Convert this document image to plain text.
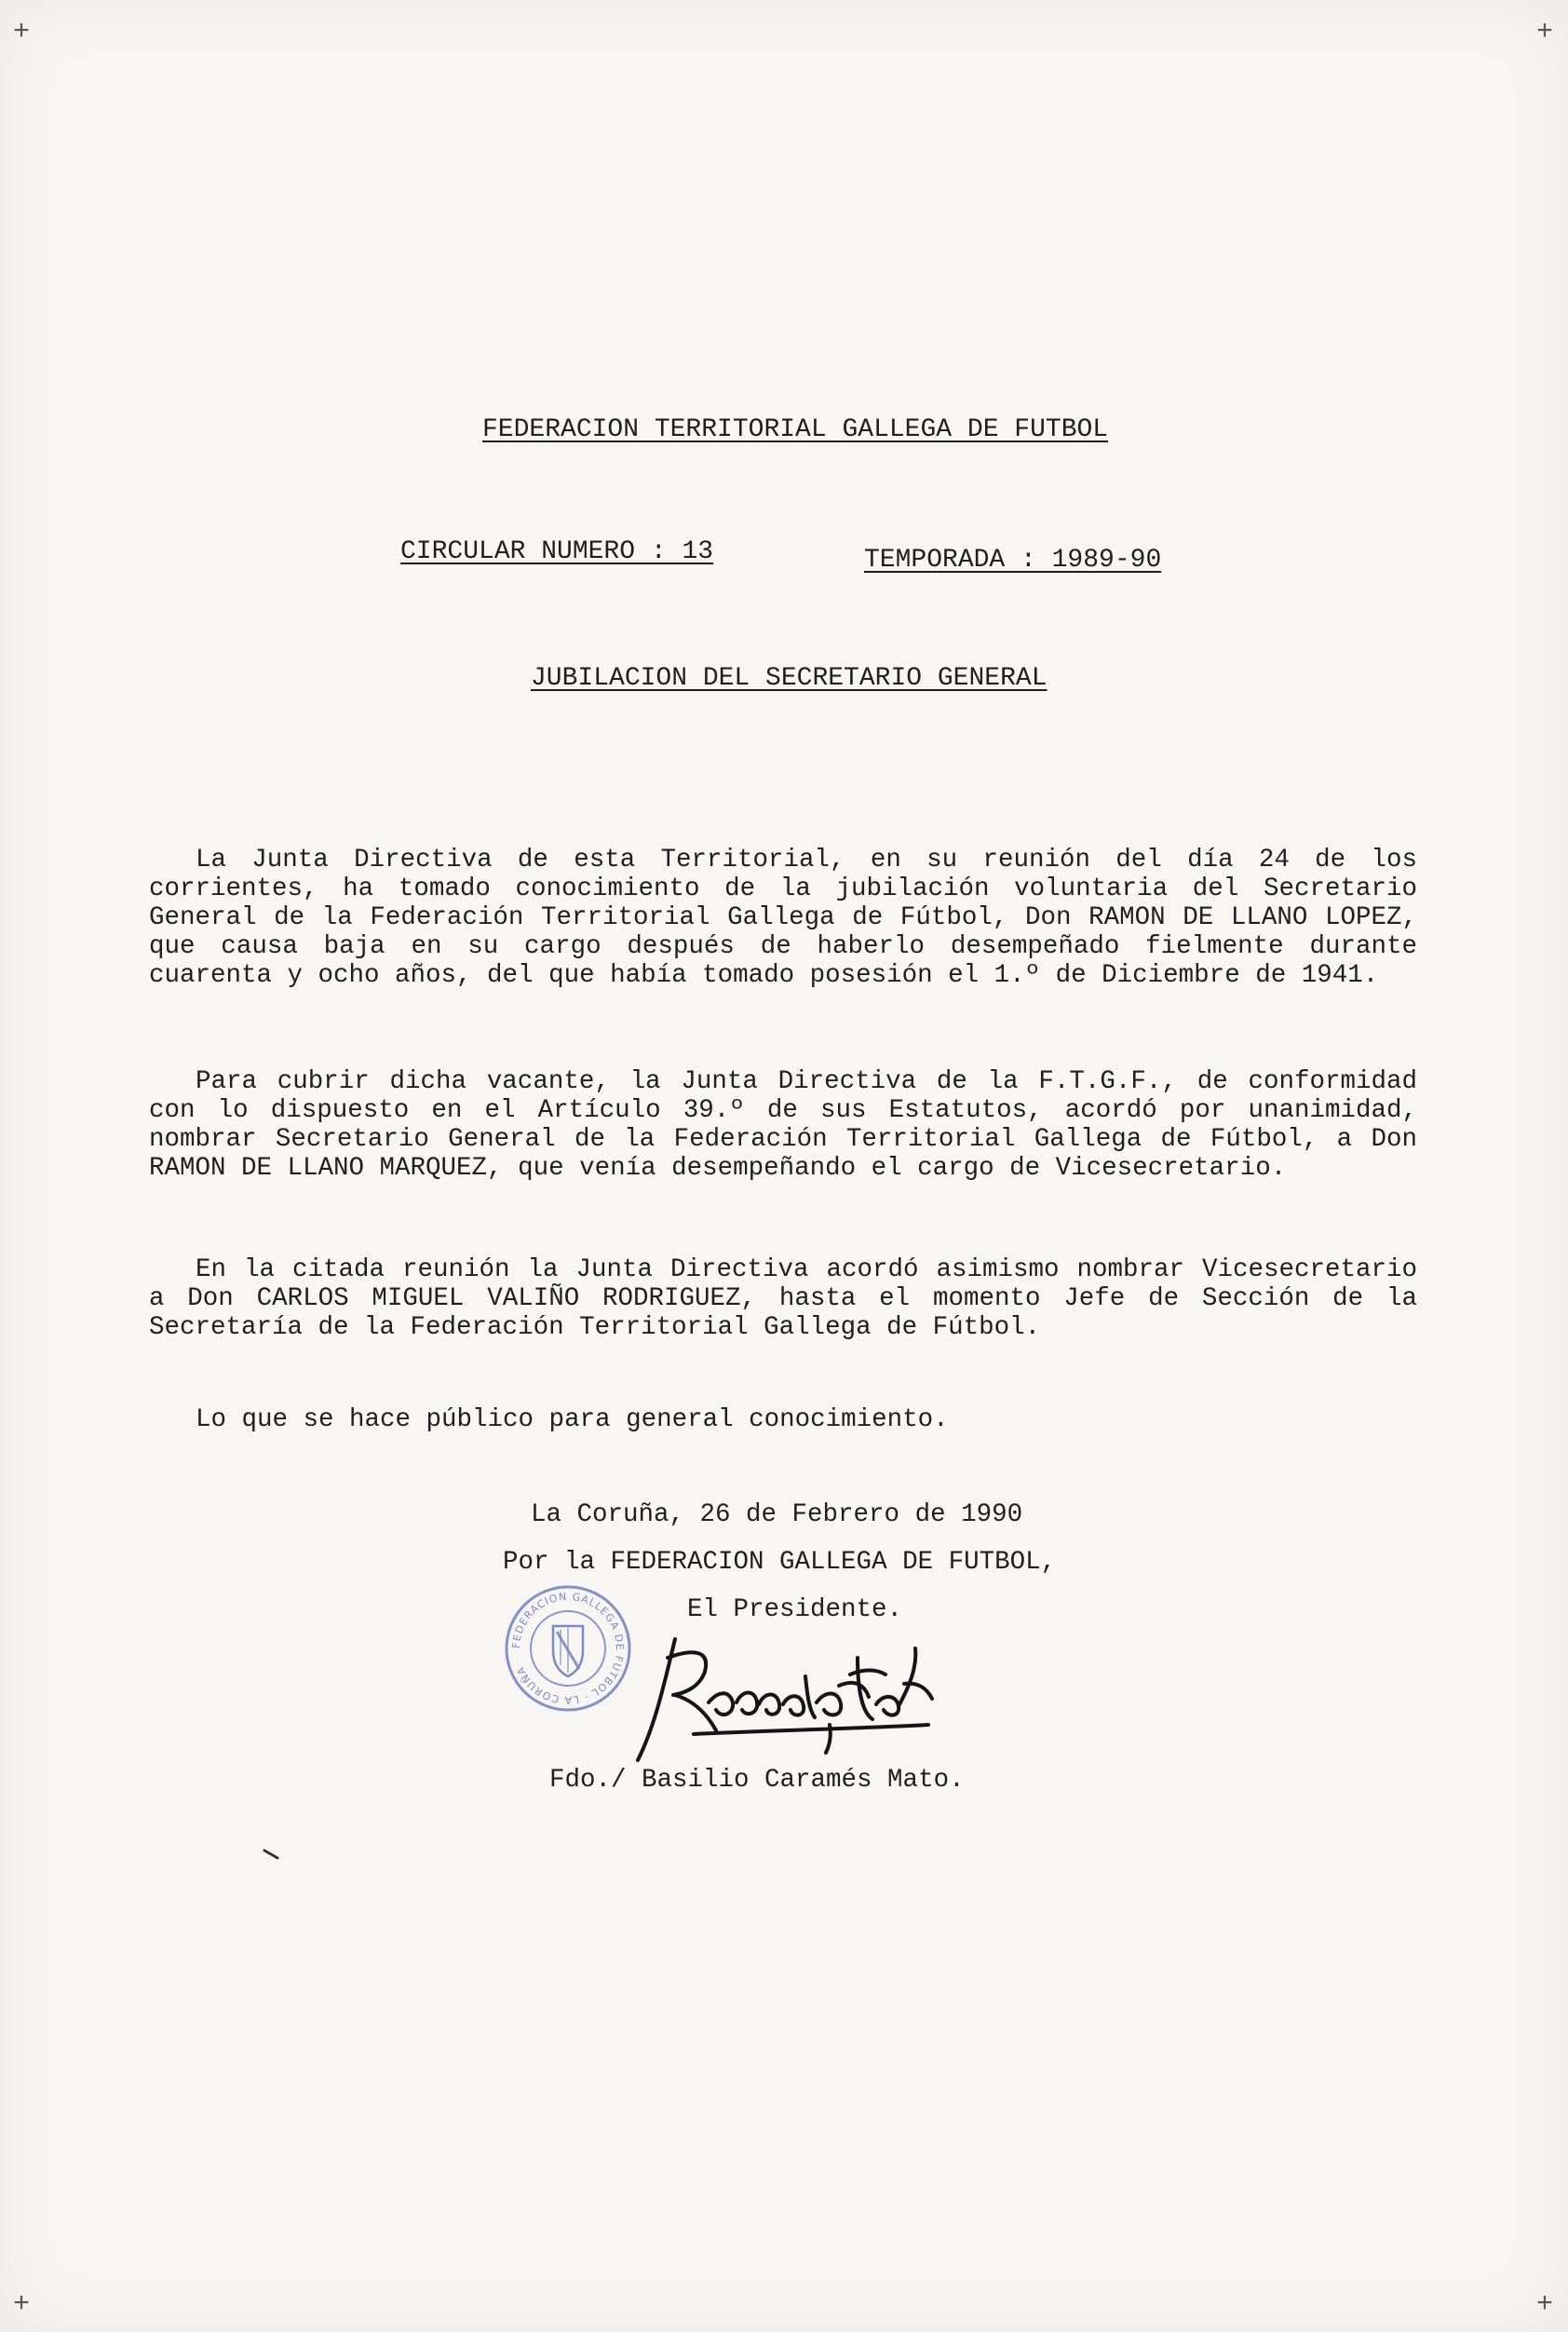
+	+
+	+
FEDERACION TERRITORIAL GALLEGA DE FUTBOL
CIRCULAR NUMERO : 13	TEMPORADA : 1989-90
JUBILACION DEL SECRETARIO GENERAL
La Junta Directiva de esta Territorial, en su reunión del día 24 de los corrientes, ha tomado conocimiento de la jubilación voluntaria del Secretario General de la Federación Territorial Gallega de Fútbol, Don RAMON DE LLANO LOPEZ, que causa baja en su cargo después de haberlo desempeñado fielmente durante cuarenta y ocho años, del que había tomado posesión el 1.º de Diciembre de 1941.
Para cubrir dicha vacante, la Junta Directiva de la F.T.G.F., de conformidad con lo dispuesto en el Artículo 39.º de sus Estatutos, acordó por unanimidad, nombrar Secretario General de la Federación Territorial Gallega de Fútbol, a Don RAMON DE LLANO MARQUEZ, que venía desempeñando el cargo de Vicesecretario.
En la citada reunión la Junta Directiva acordó asimismo nombrar Vicesecretario a Don CARLOS MIGUEL VALIÑO RODRIGUEZ, hasta el momento Jefe de Sección de la Secretaría de la Federación Territorial Gallega de Fútbol.
Lo que se hace público para general conocimiento.
La Coruña, 26 de Febrero de 1990
Por la FEDERACION GALLEGA DE FUTBOL,
El Presidente.
FEDERACION GALLEGA DE FUTBOL · LA CORUÑA
Fdo./ Basilio Caramés Mato.
